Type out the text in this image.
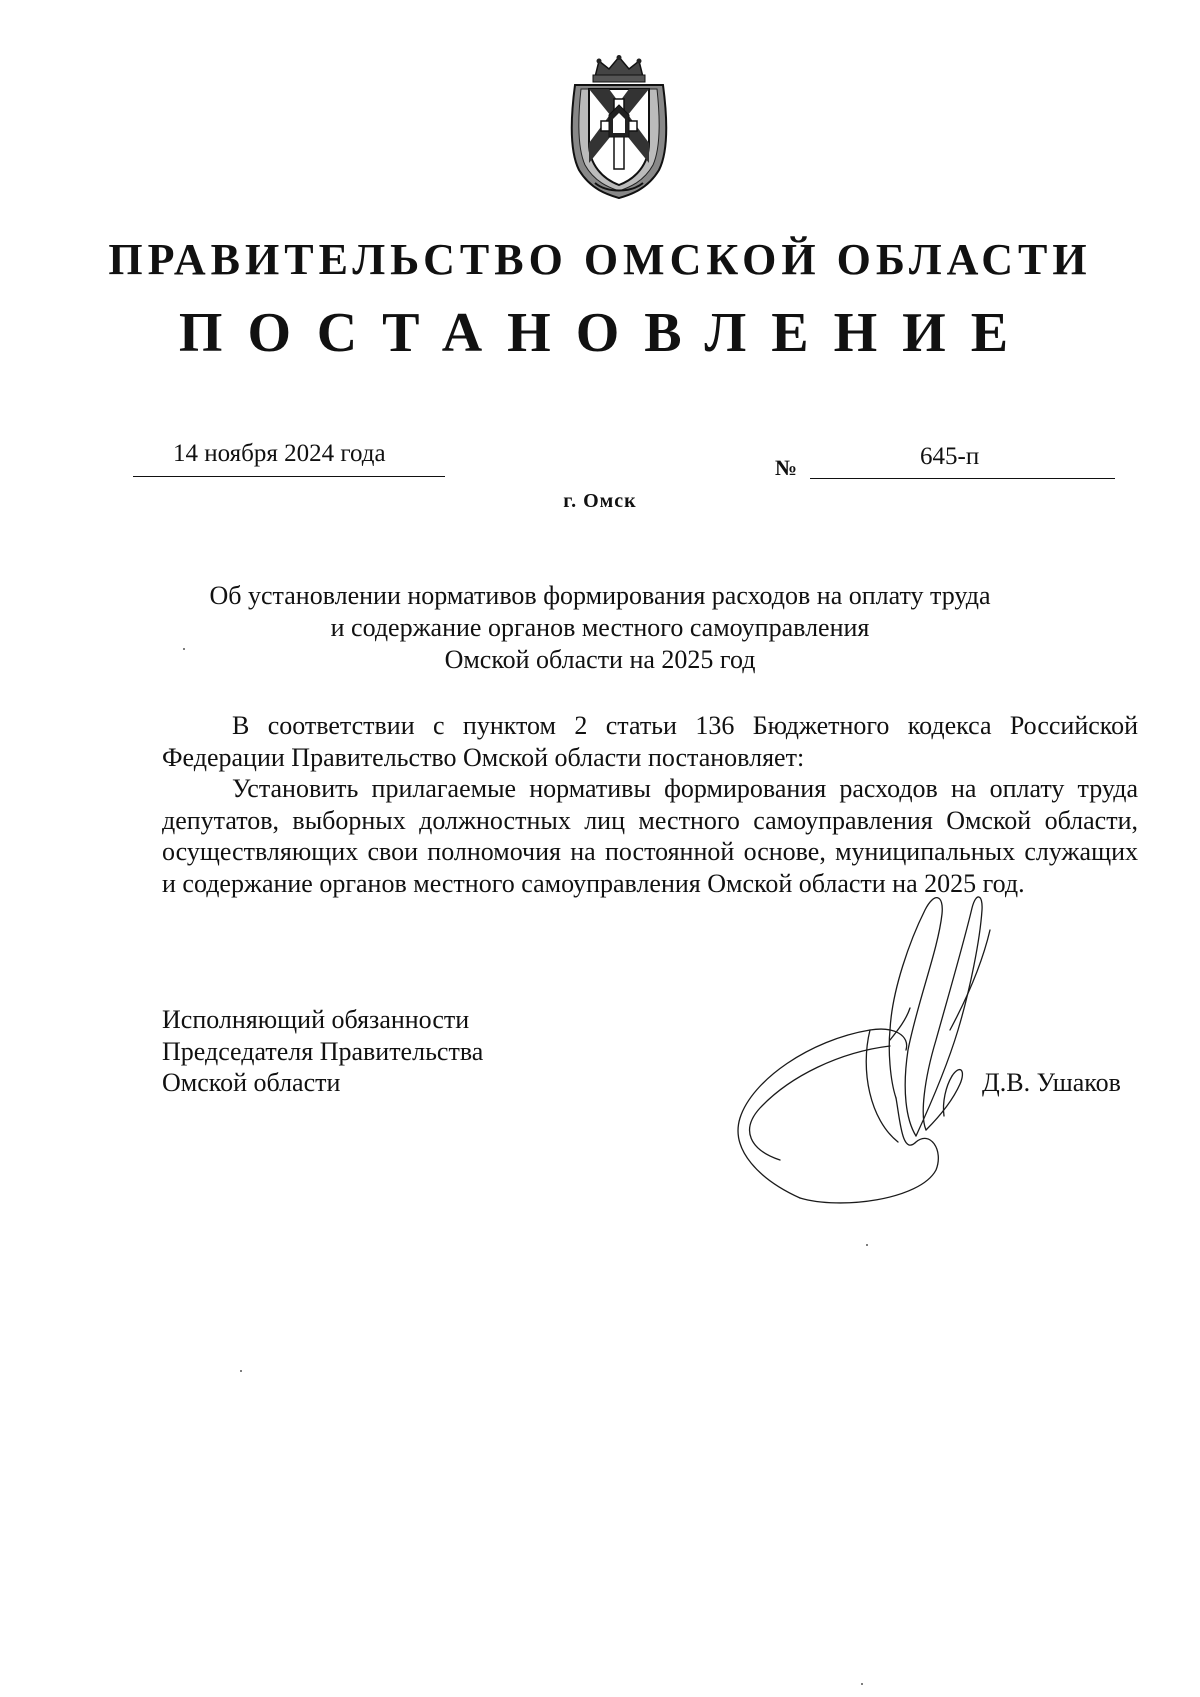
ПРАВИТЕЛЬСТВО ОМСКОЙ ОБЛАСТИ
ПОСТАНОВЛЕНИЕ
14 ноября 2024 года
№	645-п
г. Омск
Об установлении нормативов формирования расходов на оплату труда
и содержание органов местного самоуправления
Омской области на 2025 год
В соответствии с пунктом 2 статьи 136 Бюджетного кодекса Российской Федерации Правительство Омской области постановляет:
Установить прилагаемые нормативы формирования расходов на оплату труда депутатов, выборных должностных лиц местного самоуправления Омской области, осуществляющих свои полномочия на постоянной основе, муниципальных служащих и содержание органов местного самоуправления Омской области на 2025 год.
Исполняющий обязанности
Председателя Правительства
Омской области	Д.В. Ушаков
